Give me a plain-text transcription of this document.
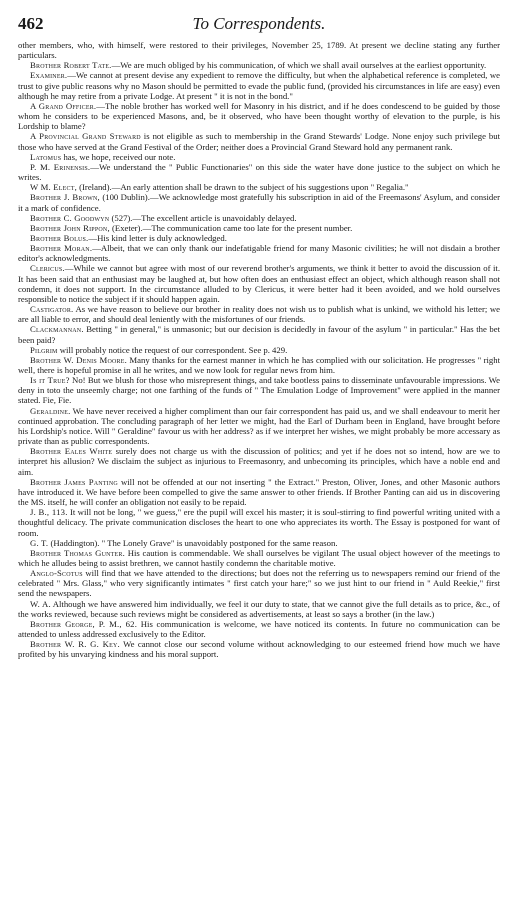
462	To Correspondents.

other members, who, with himself, were restored to their privileges, November 25, 1789. At present we decline stating any further particulars.

Brother Robert Tate.—We are much obliged by his communication, of which we shall avail ourselves at the earliest opportunity.

Examiner.—We cannot at present devise any expedient to remove the difficulty, but when the alphabetical reference is completed, we trust to give public reasons why no Mason should be permitted to evade the public fund, (provided his circumstances in life are easy) even although he may retire from a private Lodge. At present " it is not in the bond."

A Grand Officer.—The noble brother has worked well for Masonry in his district, and if he does condescend to be guided by those whom he considers to be experienced Masons, and, be it observed, who have been thought worthy of elevation to the purple, is his Lordship to blame?

A Provincial Grand Steward is not eligible as such to membership in the Grand Stewards' Lodge. None enjoy such privilege but those who have served at the Grand Festival of the Order; neither does a Provincial Grand Steward hold any permanent rank.

Latomus has, we hope, received our note.

P. M. Erinensis.—We understand the " Public Functionaries" on this side the water have done justice to the subject on which he writes.

W M. Elect, (Ireland).—An early attention shall be drawn to the subject of his suggestions upon " Regalia."

Brother J. Brown, (100 Dublin).—We acknowledge most gratefully his subscription in aid of the Freemasons' Asylum, and consider it a mark of confidence.

Brother C. Goodwyn (527).—The excellent article is unavoidably delayed.

Brother John Rippon, (Exeter).—The communication came too late for the present number.

Brother Bolus.—His kind letter is duly acknowledged.

Brother Moran.—Albeit, that we can only thank our indefatigable friend for many Masonic civilities; he will not disdain a brother editor's acknowledgments.

Clericus.—While we cannot but agree with most of our reverend brother's arguments, we think it better to avoid the discussion of it. It has been said that an enthusiast may be laughed at, but how often does an enthusiast effect an object, which although reason shall not condemn, it does not support. In the circumstance alluded to by Clericus, it were better had it been avoided, and we hold ourselves responsible to notice the subject if it should happen again.

Castigator. As we have reason to believe our brother in reality does not wish us to publish what is unkind, we withold his letter; we are all liable to error, and should deal leniently with the misfortunes of our friends.

Clackmannan. Betting " in general," is unmasonic; but our decision is decidedly in favour of the asylum " in particular." Has the bet been paid?

Pilgrim will probably notice the request of our correspondent. See p. 429.

Brother W. Denis Moore. Many thanks for the earnest manner in which he has complied with our solicitation. He progresses " right well, there is hopeful promise in all he writes, and we now look for regular news from him.

Is it True? No! But we blush for those who misrepresent things, and take bootless pains to disseminate unfavourable impressions. We deny in toto the unseemly charge; not one farthing of the funds of " The Emulation Lodge of Improvement" were applied in the manner stated. Fie, Fie.

Geraldine. We have never received a higher compliment than our fair correspondent has paid us, and we shall endeavour to merit her continued approbation. The concluding paragraph of her letter we might, had the Earl of Durham been in England, have brought before his Lordship's notice. Will " Geraldine" favour us with her address? as if we interpret her wishes, we might probably be more accessary as private than as public correspondents.

Brother Eales White surely does not charge us with the discussion of politics; and yet if he does not so intend, how are we to interpret his allusion? We disclaim the subject as injurious to Freemasonry, and unbecoming its principles, which have a noble end and aim.

Brother James Panting will not be offended at our not inserting " the Extract." Preston, Oliver, Jones, and other Masonic authors have introduced it. We have before been compelled to give the same answer to other friends. If Brother Panting can aid us in discovering the MS. itself, he will confer an obligation not easily to be repaid.

J. B., 113. It will not be long, " we guess," ere the pupil will excel his master; it is soul-stirring to find powerful writing united with a thoughtful delicacy. The private communication discloses the heart to one who appreciates its worth. The Essay is postponed for want of room.

G. T. (Haddington). " The Lonely Grave" is unavoidably postponed for the same reason.

Brother Thomas Gunter. His caution is commendable. We shall ourselves be vigilant The usual object however of the meetings to which he alludes being to assist brethren, we cannot hastily condemn the charitable motive.

Anglo-Scotus will find that we have attended to the directions; but does not the referring us to newspapers remind our friend of the celebrated " Mrs. Glass," who very significantly intimates " first catch your hare;" so we just hint to our friend in " Auld Reekie," first send the newspapers.

W. A. Although we have answered him individually, we feel it our duty to state, that we cannot give the full details as to price, &c., of the works reviewed, because such reviews might be considered as advertisements, at least so says a brother (in the law.)

Brother George, P. M., 62. His communication is welcome, we have noticed its contents. In future no communication can be attended to unless addressed exclusively to the Editor.

Brother W. R. G. Key. We cannot close our second volume without acknowledging to our esteemed friend how much we have profited by his unvarying kindness and his moral support.
